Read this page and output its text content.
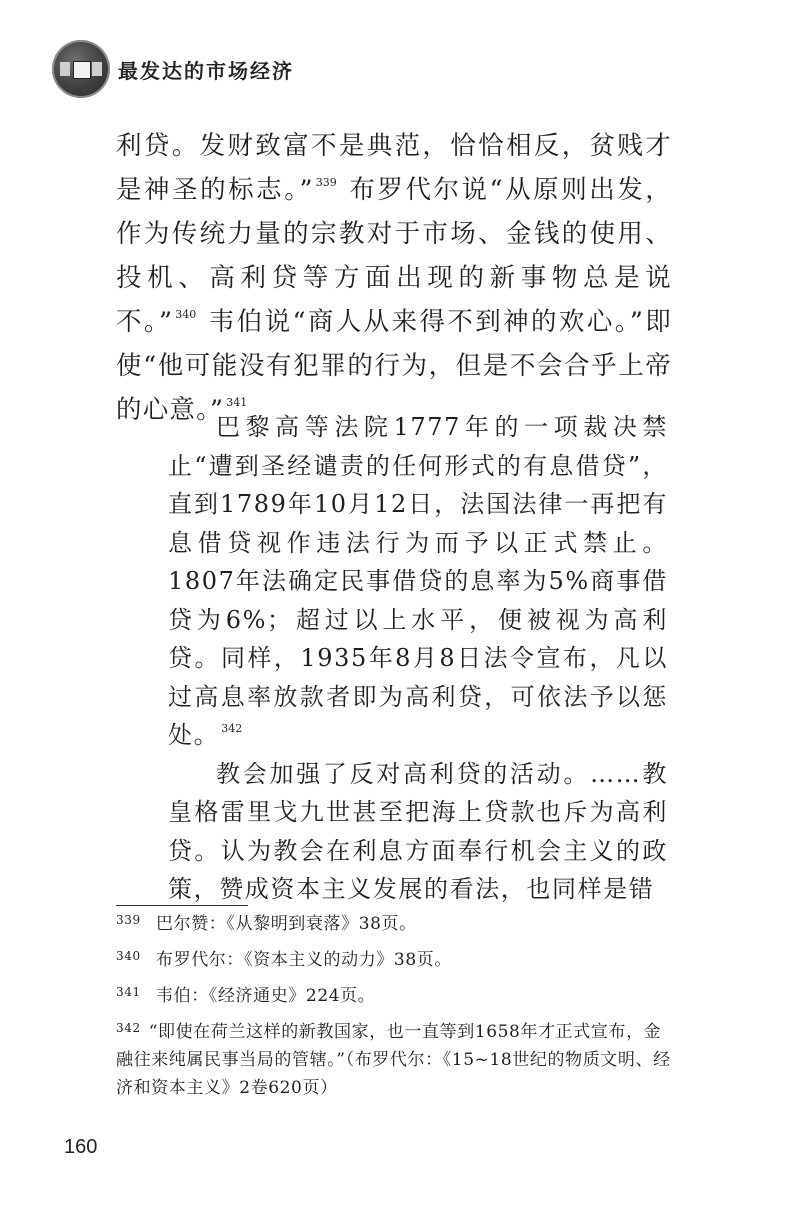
最发达的市场经济

利贷。发财致富不是典范，恰恰相反，贫贱才是神圣的标志。” $^{339}$ 布罗代尔说“从原则出发，作为传统力量的宗教对于市场、金钱的使用、投机、高利贷等方面出现的新事物总是说不。” $^{340}$ 韦伯说“商人从来得不到神的欢心。”即使“他可能没有犯罪的行为，但是不会合乎上帝的心意。” $^{341}$

巴黎高等法院1777年的一项裁决禁止“遭到圣经谴责的任何形式的有息借贷”，直到1789年10月12日，法国法律一再把有息借贷视作违法行为而予以正式禁止。1807年法确定民事借贷的息率为5%商事借贷为6%；超过以上水平，便被视为高利贷。同样，1935年8月8日法令宣布，凡以过高息率放款者即为高利贷，可依法予以惩处。 $^{342}$

教会加强了反对高利贷的活动。……教皇格雷里戈九世甚至把海上贷款也斥为高利贷。认为教会在利息方面奉行机会主义的政策，赞成资本主义发展的看法，也同样是错

339 巴尔赞：《从黎明到衰落》38页。
340 布罗代尔：《资本主义的动力》38页。
341 韦伯：《经济通史》224页。
342 “即使在荷兰这样的新教国家，也一直等到1658年才正式宣布，金融往来纯属民事当局的管辖。”（布罗代尔：《15~18世纪的物质文明、经济和资本主义》2卷620页）
160
